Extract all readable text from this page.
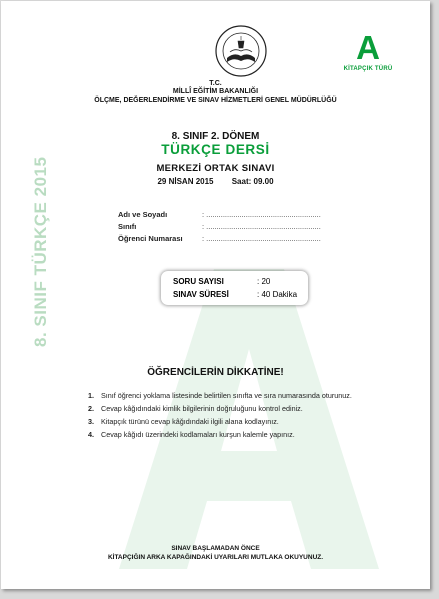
8. SINIF TÜRKÇE 2015
A
KİTAPÇIK TÜRÜ
T.C.
MİLLÎ EĞİTİM BAKANLIĞI
ÖLÇME, DEĞERLENDİRME VE SINAV HİZMETLERİ GENEL MÜDÜRLÜĞÜ
8. SINIF 2. DÖNEM
TÜRKÇE DERSİ
MERKEZİ ORTAK SINAVI
29 NİSAN 2015 Saat: 09.00
Adı ve Soyadı	: .......................................................
Sınıfı	: .......................................................
Öğrenci Numarası	: .......................................................
SORU SAYISI	: 20
SINAV SÜRESİ	: 40 Dakika
ÖĞRENCİLERİN DİKKATİNE!
1. Sınıf öğrenci yoklama listesinde belirtilen sınıfta ve sıra numarasında oturunuz.
2. Cevap kâğıdındaki kimlik bilgilerinin doğruluğunu kontrol ediniz.
3. Kitapçık türünü cevap kâğıdındaki ilgili alana kodlayınız.
4. Cevap kâğıdı üzerindeki kodlamaları kurşun kalemle yapınız.
SINAV BAŞLAMADAN ÖNCE
KİTAPÇIĞIN ARKA KAPAĞINDAKİ UYARILARI MUTLAKA OKUYUNUZ.
